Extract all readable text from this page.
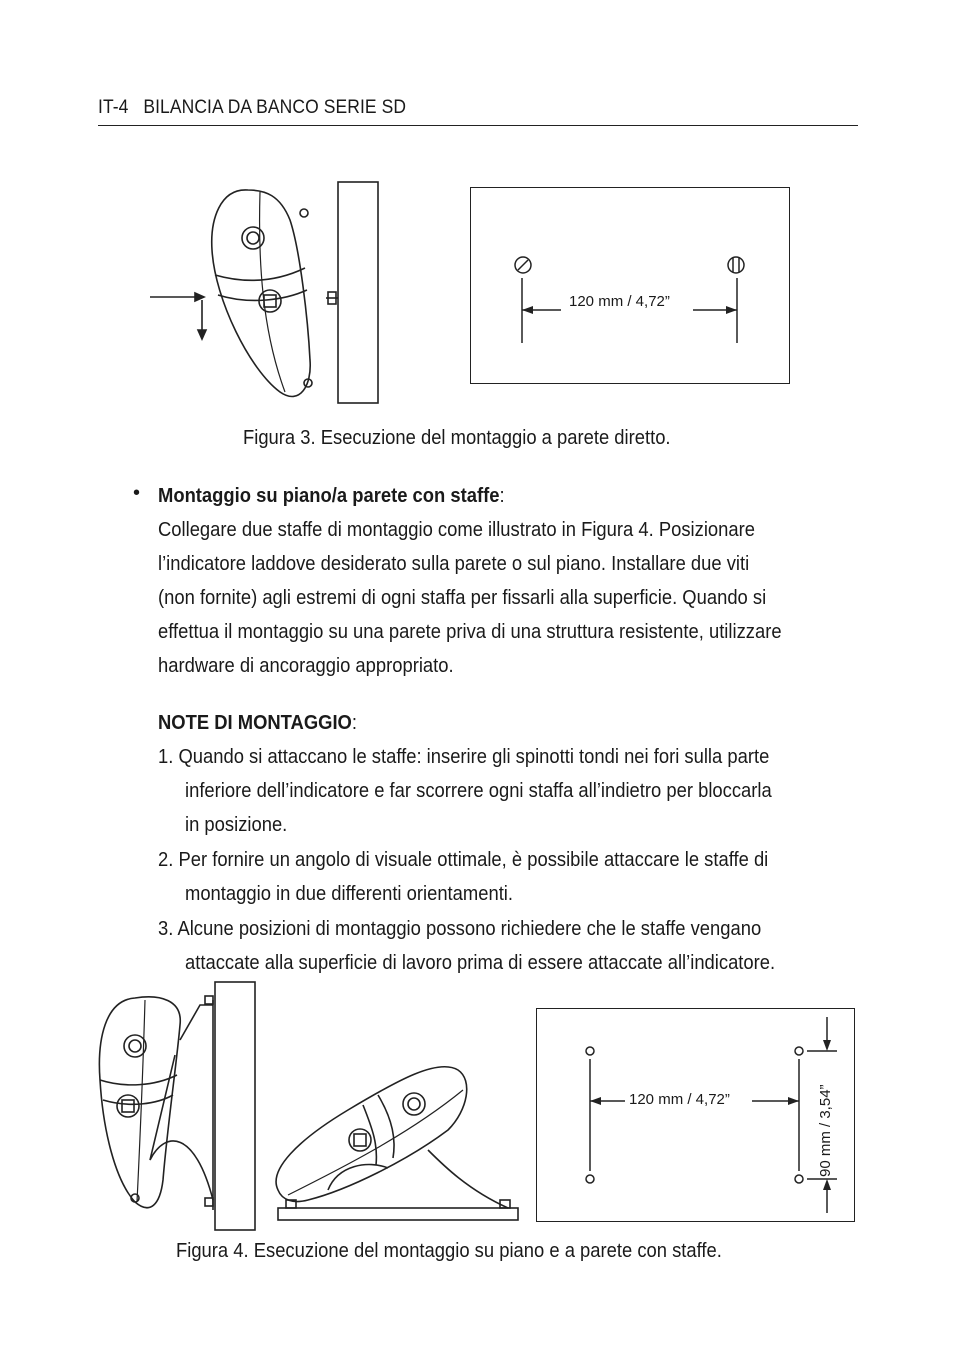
IT-4 BILANCIA DA BANCO SERIE SD
120 mm / 4,72”
Figura 3. Esecuzione del montaggio a parete diretto.
• Montaggio su piano/a parete con staffe:
Collegare due staffe di montaggio come illustrato in Figura 4. Posizionare
l’indicatore laddove desiderato sulla parete o sul piano. Installare due viti
(non fornite) agli estremi di ogni staffa per fissarli alla superficie. Quando si
effettua il montaggio su una parete priva di una struttura resistente, utilizzare
hardware di ancoraggio appropriato.
NOTE DI MONTAGGIO:
1. Quando si attaccano le staffe: inserire gli spinotti tondi nei fori sulla parte
inferiore dell’indicatore e far scorrere ogni staffa all’indietro per bloccarla
in posizione.
2. Per fornire un angolo di visuale ottimale, è possibile attaccare le staffe di
montaggio in due differenti orientamenti.
3. Alcune posizioni di montaggio possono richiedere che le staffe vengano
attaccate alla superficie di lavoro prima di essere attaccate all’indicatore.
120 mm / 4,72”	90 mm / 3,54”
Figura 4. Esecuzione del montaggio su piano e a parete con staffe.
